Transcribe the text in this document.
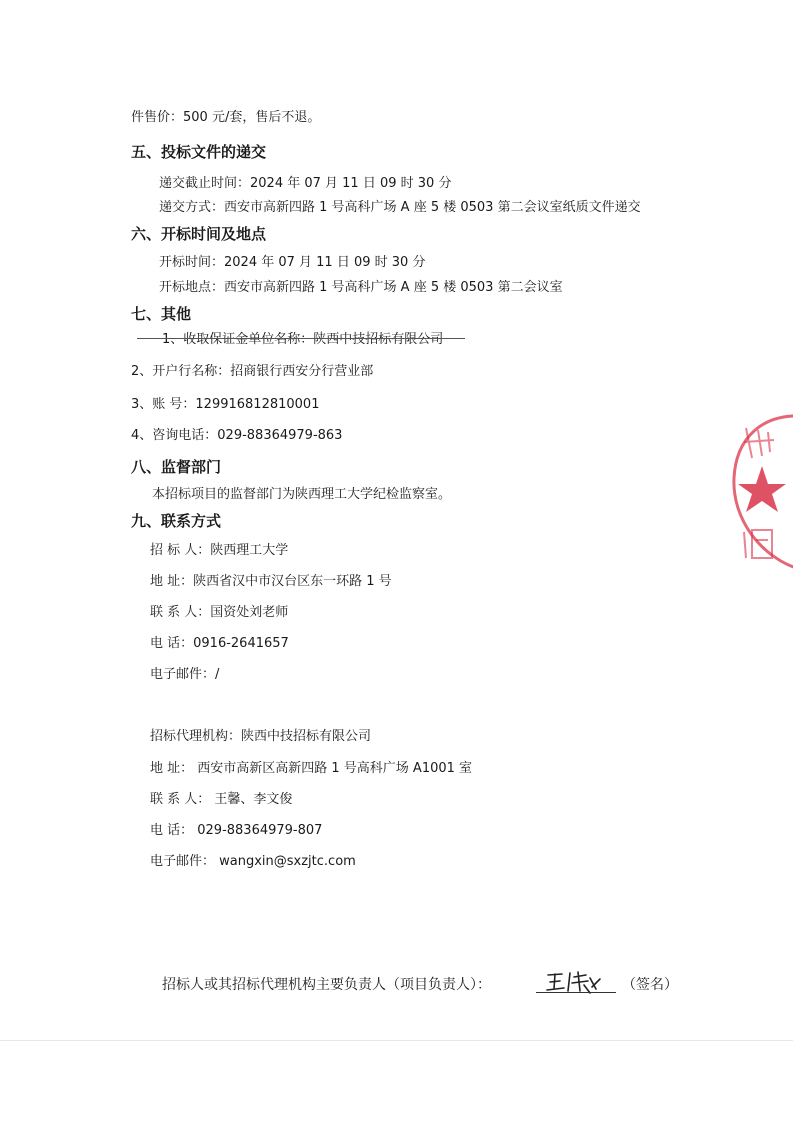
件售价：500 元/套，售后不退。
五、投标文件的递交
递交截止时间：2024 年 07 月 11 日 09 时 30 分
递交方式：西安市高新四路 1 号高科广场 A 座 5 楼 0503 第二会议室纸质文件递交
六、开标时间及地点
开标时间：2024 年 07 月 11 日 09 时 30 分
开标地点：西安市高新四路 1 号高科广场 A 座 5 楼 0503 第二会议室
七、其他
1、收取保证金单位名称：陕西中技招标有限公司
2、开户行名称：招商银行西安分行营业部
3、账 号：129916812810001
4、咨询电话：029-88364979-863
八、监督部门
本招标项目的监督部门为陕西理工大学纪检监察室。
九、联系方式
招 标 人：陕西理工大学
地 址：陕西省汉中市汉台区东一环路 1 号
联 系 人：国资处刘老师
电 话：0916-2641657
电子邮件：/
招标代理机构：陕西中技招标有限公司
地 址： 西安市高新区高新四路 1 号高科广场 A1001 室
联 系 人： 王馨、李文俊
电 话： 029-88364979-807
电子邮件： wangxin@sxzjtc.com
招标人或其招标代理机构主要负责人（项目负责人）：	（签名）
